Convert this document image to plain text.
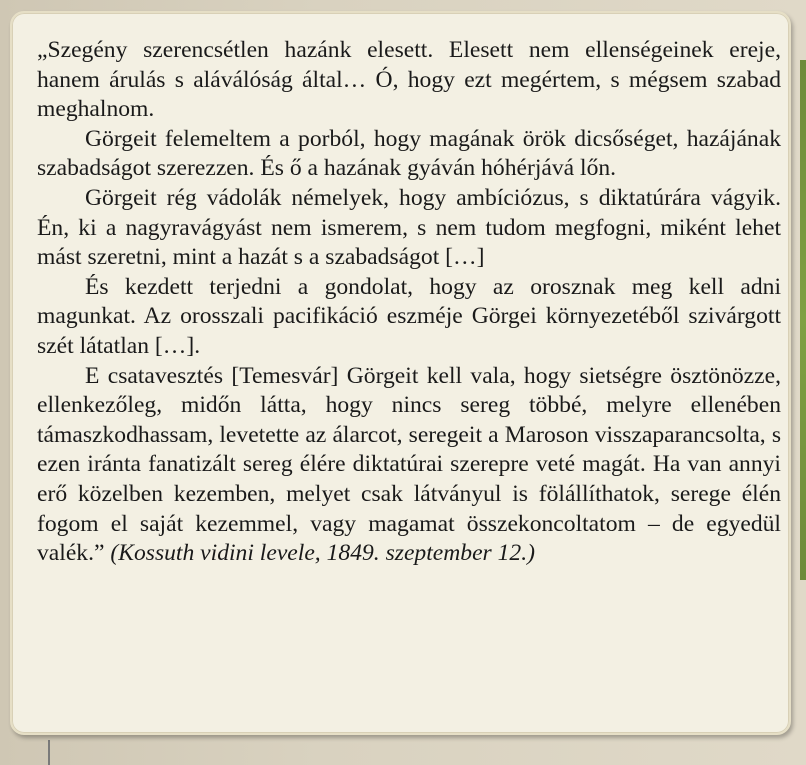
„Szegény szerencsétlen hazánk elesett. Elesett nem ellenségeinek ereje, hanem árulás s aláválóság által… Ó, hogy ezt megértem, s mégsem szabad meghalnom.

Görgeit felemeltem a porból, hogy magának örök dicsőséget, hazájának szabadságot szerezzen. És ő a hazának gyáván hóhérjává lőn.

Görgeit rég vádolák némelyek, hogy ambíciózus, s diktatúrára vágyik. Én, ki a nagyravágyást nem ismerem, s nem tudom megfogni, miként lehet mást szeretni, mint a hazát s a szabadságot […]

És kezdett terjedni a gondolat, hogy az orosznak meg kell adni magunkat. Az orosszali pacifikáció eszméje Görgei környezetéből szivárgott szét látatlan […].

E csatavesztés [Temesvár] Görgeit kell vala, hogy sietségre ösztönözze, ellenkezőleg, midőn látta, hogy nincs sereg többé, melyre ellenében támaszkodhassam, levetette az álarcot, seregeit a Maroson visszaparancsolta, s ezen iránta fanatizált sereg élére diktatúrai szerepre veté magát. Ha van annyi erő közelben kezemben, melyet csak látványul is fölállíthatok, serege élén fogom el saját kezemmel, vagy magamat összekoncoltatom – de egyedül valék.” (Kossuth vidini levele, 1849. szeptember 12.)
